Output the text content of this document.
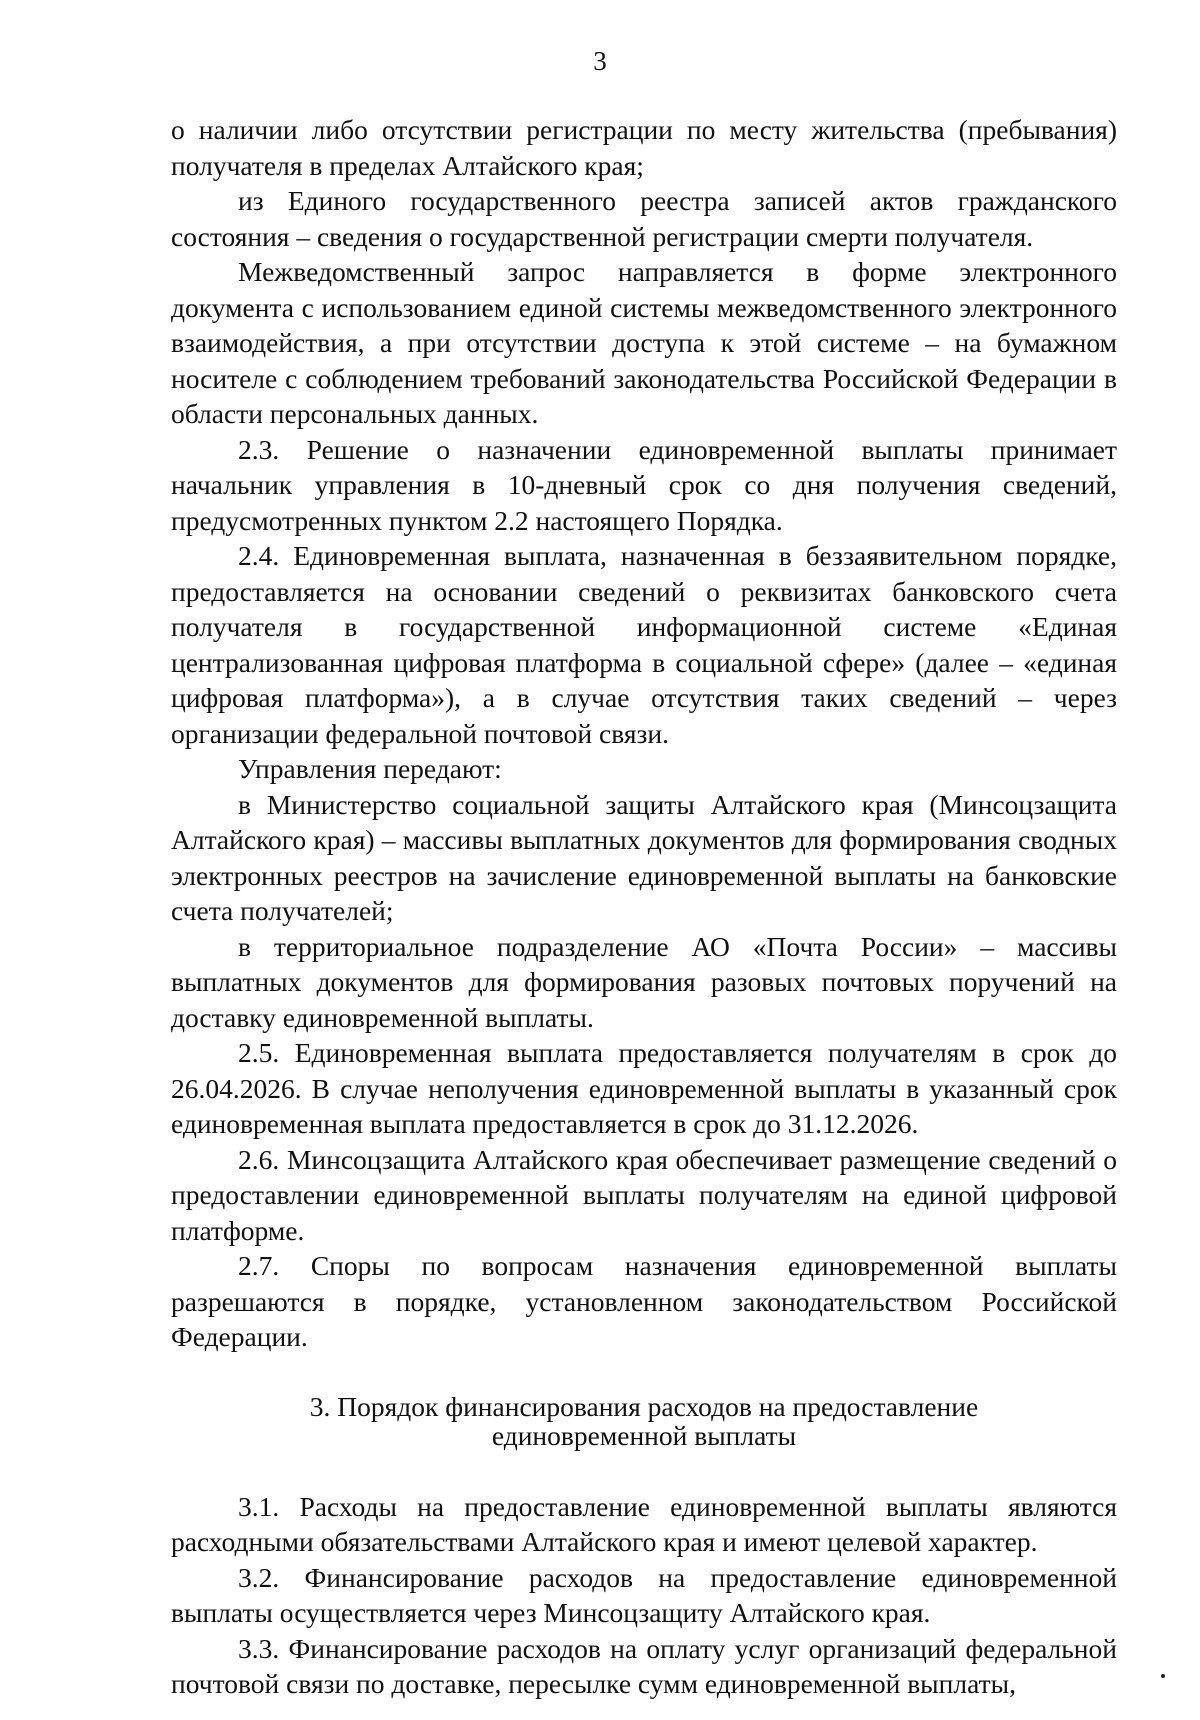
3

о наличии либо отсутствии регистрации по месту жительства (пребывания) получателя в пределах Алтайского края;

из Единого государственного реестра записей актов гражданского состояния – сведения о государственной регистрации смерти получателя.

Межведомственный запрос направляется в форме электронного документа с использованием единой системы межведомственного электронного взаимодействия, а при отсутствии доступа к этой системе – на бумажном носителе с соблюдением требований законодательства Российской Федерации в области персональных данных.

2.3. Решение о назначении единовременной выплаты принимает начальник управления в 10-дневный срок со дня получения сведений, предусмотренных пунктом 2.2 настоящего Порядка.

2.4. Единовременная выплата, назначенная в беззаявительном порядке, предоставляется на основании сведений о реквизитах банковского счета получателя в государственной информационной системе «Единая централизованная цифровая платформа в социальной сфере» (далее – «единая цифровая платформа»), а в случае отсутствия таких сведений – через организации федеральной почтовой связи.

Управления передают:

в Министерство социальной защиты Алтайского края (Минсоцзащита Алтайского края) – массивы выплатных документов для формирования сводных электронных реестров на зачисление единовременной выплаты на банковские счета получателей;

в территориальное подразделение АО «Почта России» – массивы выплатных документов для формирования разовых почтовых поручений на доставку единовременной выплаты.

2.5. Единовременная выплата предоставляется получателям в срок до 26.04.2026. В случае неполучения единовременной выплаты в указанный срок единовременная выплата предоставляется в срок до 31.12.2026.

2.6. Минсоцзащита Алтайского края обеспечивает размещение сведений о предоставлении единовременной выплаты получателям на единой цифровой платформе.

2.7. Споры по вопросам назначения единовременной выплаты разрешаются в порядке, установленном законодательством Российской Федерации.

3. Порядок финансирования расходов на предоставление
единовременной выплаты

3.1. Расходы на предоставление единовременной выплаты являются расходными обязательствами Алтайского края и имеют целевой характер.

3.2. Финансирование расходов на предоставление единовременной выплаты осуществляется через Минсоцзащиту Алтайского края.

3.3. Финансирование расходов на оплату услуг организаций федеральной почтовой связи по доставке, пересылке сумм единовременной выплаты,
